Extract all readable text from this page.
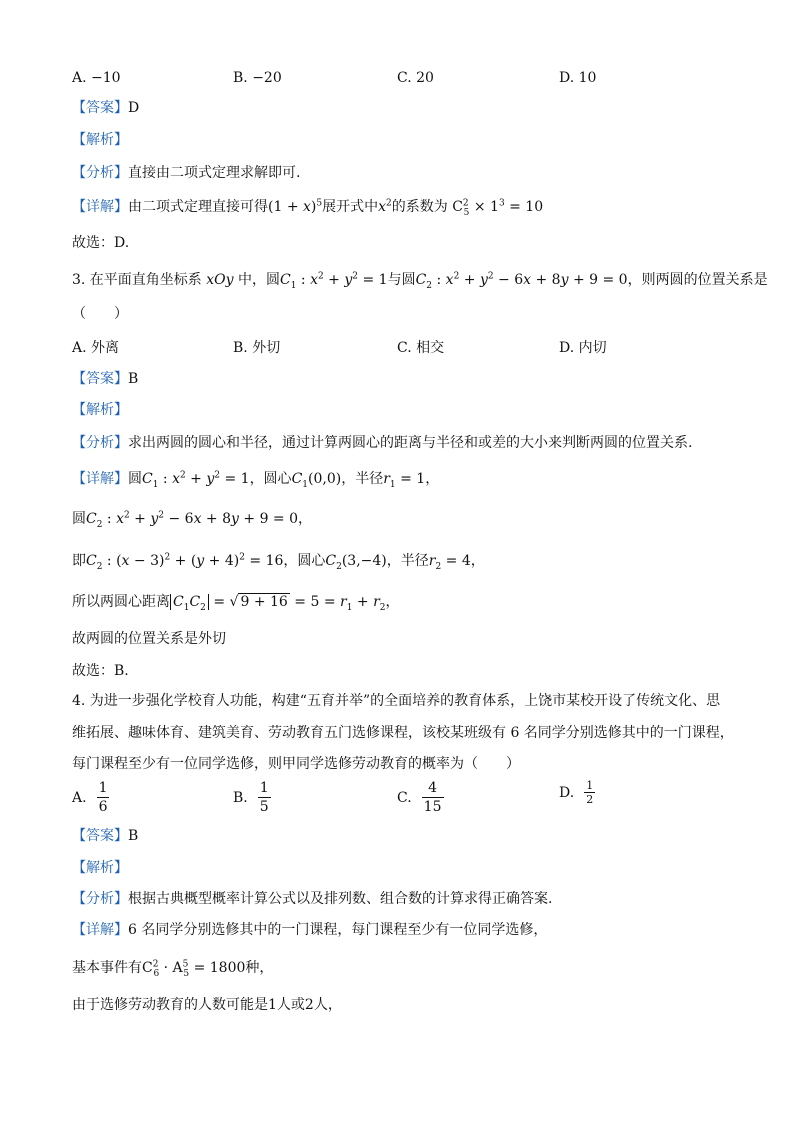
A. −10	B. −20	C. 20	D. 10
【答案】D
【解析】
【分析】直接由二项式定理求解即可.
【详解】由二项式定理直接可得$(1 + x)^5$展开式中$x^2$的系数为 $C^2_5 \times 1^3 = 10$
故选：D.
3. 在平面直角坐标系 xOy 中，圆$C_1$ : $x^2 + y^2 = 1$与圆$C_2$ : $x^2 + y^2 - 6x + 8y + 9 = 0$，则两圆的位置关系是
（　　）
A. 外离	B. 外切	C. 相交	D. 内切
【答案】B
【解析】
【分析】求出两圆的圆心和半径，通过计算两圆心的距离与半径和或差的大小来判断两圆的位置关系.
【详解】圆$C_1$ : $x^2 + y^2 = 1$，圆心$C_1(0,0)$，半径$r_1 = 1$，
圆$C_2$ : $x^2 + y^2 - 6x + 8y + 9 = 0$，
即$C_2$ : $(x - 3)^2 + (y + 4)^2 = 16$，圆心$C_2(3,-4)$，半径$r_2 = 4$，
所以两圆心距离 $C_1C_2$ = √ $9 + 16 = 5 = r_1 + r_2$，
故两圆的位置关系是外切
故选：B.
4. 为进一步强化学校育人功能，构建“五育并举”的全面培养的教育体系，上饶市某校开设了传统文化、思
维拓展、趣味体育、建筑美育、劳动教育五门选修课程，该校某班级有 6 名同学分别选修其中的一门课程，
每门课程至少有一位同学选修，则甲同学选修劳动教育的概率为（　　）
A. $\frac{1}{6}$	B. $\frac{1}{5}$	C. $\frac{4}{15}$	D. $\frac{1}{2}$
【答案】B
【解析】
【分析】根据古典概型概率计算公式以及排列数、组合数的计算求得正确答案.
【详解】6 名同学分别选修其中的一门课程，每门课程至少有一位同学选修，
基本事件有$C^2_6 \cdot A^5_5 = 1800$种，
由于选修劳动教育的人数可能是1人或2人，
